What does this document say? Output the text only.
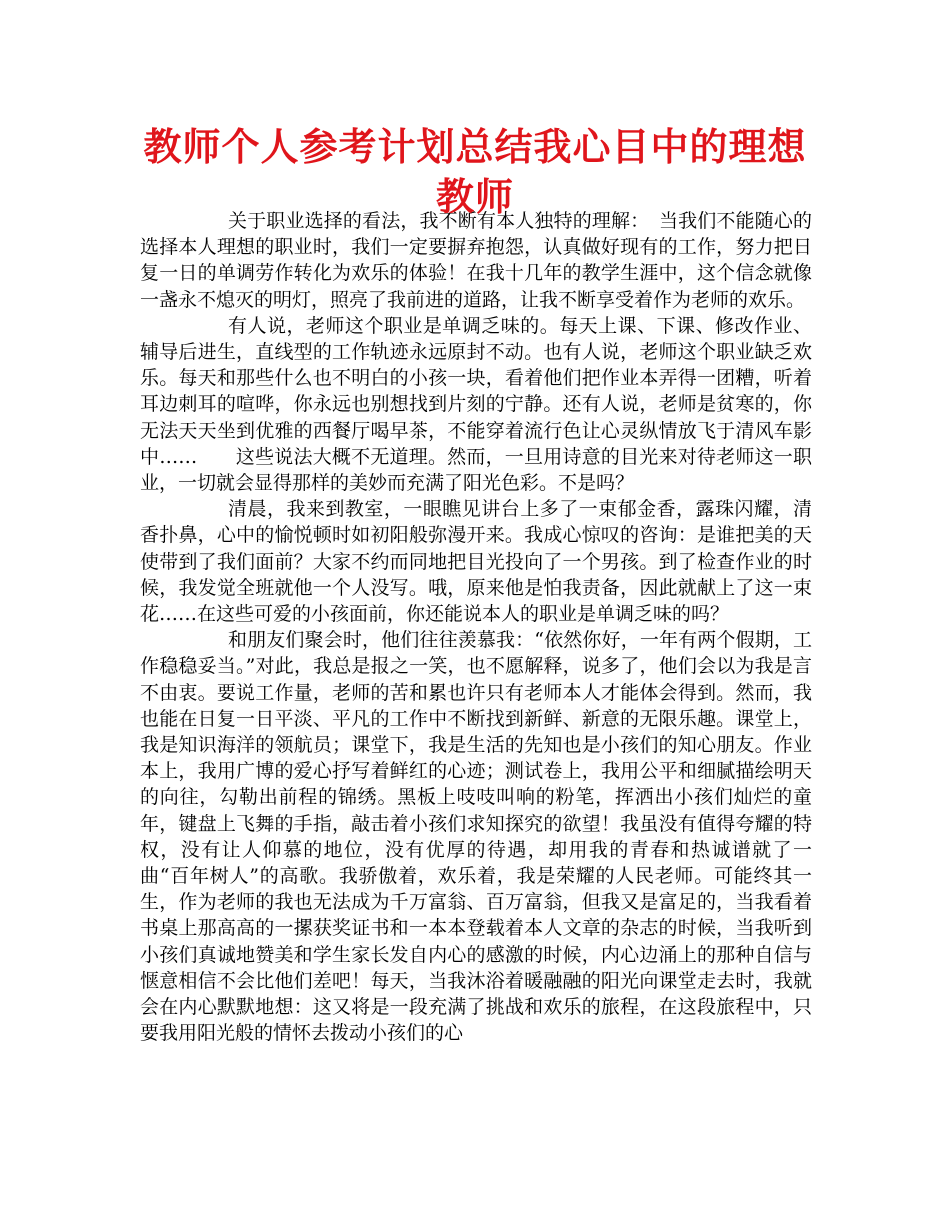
教师个人参考计划总结我心目中的理想教师

关于职业选择的看法，我不断有本人独特的理解：　当我们不能随心的选择本人理想的职业时，我们一定要摒弃抱怨，认真做好现有的工作，努力把日复一日的单调劳作转化为欢乐的体验！在我十几年的教学生涯中，这个信念就像一盏永不熄灭的明灯，照亮了我前进的道路，让我不断享受着作为老师的欢乐。

有人说，老师这个职业是单调乏味的。每天上课、下课、修改作业、辅导后进生，直线型的工作轨迹永远原封不动。也有人说，老师这个职业缺乏欢乐。每天和那些什么也不明白的小孩一块，看着他们把作业本弄得一团糟，听着耳边刺耳的喧哗，你永远也别想找到片刻的宁静。还有人说，老师是贫寒的，你无法天天坐到优雅的西餐厅喝早茶，不能穿着流行色让心灵纵情放飞于清风车影中……　　这些说法大概不无道理。然而，一旦用诗意的目光来对待老师这一职业，一切就会显得那样的美妙而充满了阳光色彩。不是吗？

清晨，我来到教室，一眼瞧见讲台上多了一束郁金香，露珠闪耀，清香扑鼻，心中的愉悦顿时如初阳般弥漫开来。我成心惊叹的咨询：是谁把美的天使带到了我们面前？大家不约而同地把目光投向了一个男孩。到了检查作业的时候，我发觉全班就他一个人没写。哦，原来他是怕我责备，因此就献上了这一束花……在这些可爱的小孩面前，你还能说本人的职业是单调乏味的吗？

和朋友们聚会时，他们往往羡慕我：“依然你好，一年有两个假期，工作稳稳妥当。”对此，我总是报之一笑，也不愿解释，说多了，他们会以为我是言不由衷。要说工作量，老师的苦和累也许只有老师本人才能体会得到。然而，我也能在日复一日平淡、平凡的工作中不断找到新鲜、新意的无限乐趣。课堂上，我是知识海洋的领航员；课堂下，我是生活的先知也是小孩们的知心朋友。作业本上，我用广博的爱心抒写着鲜红的心迹；测试卷上，我用公平和细腻描绘明天的向往，勾勒出前程的锦绣。黑板上吱吱叫响的粉笔，挥洒出小孩们灿烂的童年，键盘上飞舞的手指，敲击着小孩们求知探究的欲望！我虽没有值得夸耀的特权，没有让人仰慕的地位，没有优厚的待遇，却用我的青春和热诚谱就了一曲“百年树人”的高歌。我骄傲着，欢乐着，我是荣耀的人民老师。可能终其一生，作为老师的我也无法成为千万富翁、百万富翁，但我又是富足的，当我看着书桌上那高高的一摞获奖证书和一本本登载着本人文章的杂志的时候，当我听到小孩们真诚地赞美和学生家长发自内心的感激的时候，内心边涌上的那种自信与惬意相信不会比他们差吧！每天，当我沐浴着暖融融的阳光向课堂走去时，我就会在内心默默地想：这又将是一段充满了挑战和欢乐的旅程，在这段旅程中，只要我用阳光般的情怀去拨动小孩们的心
